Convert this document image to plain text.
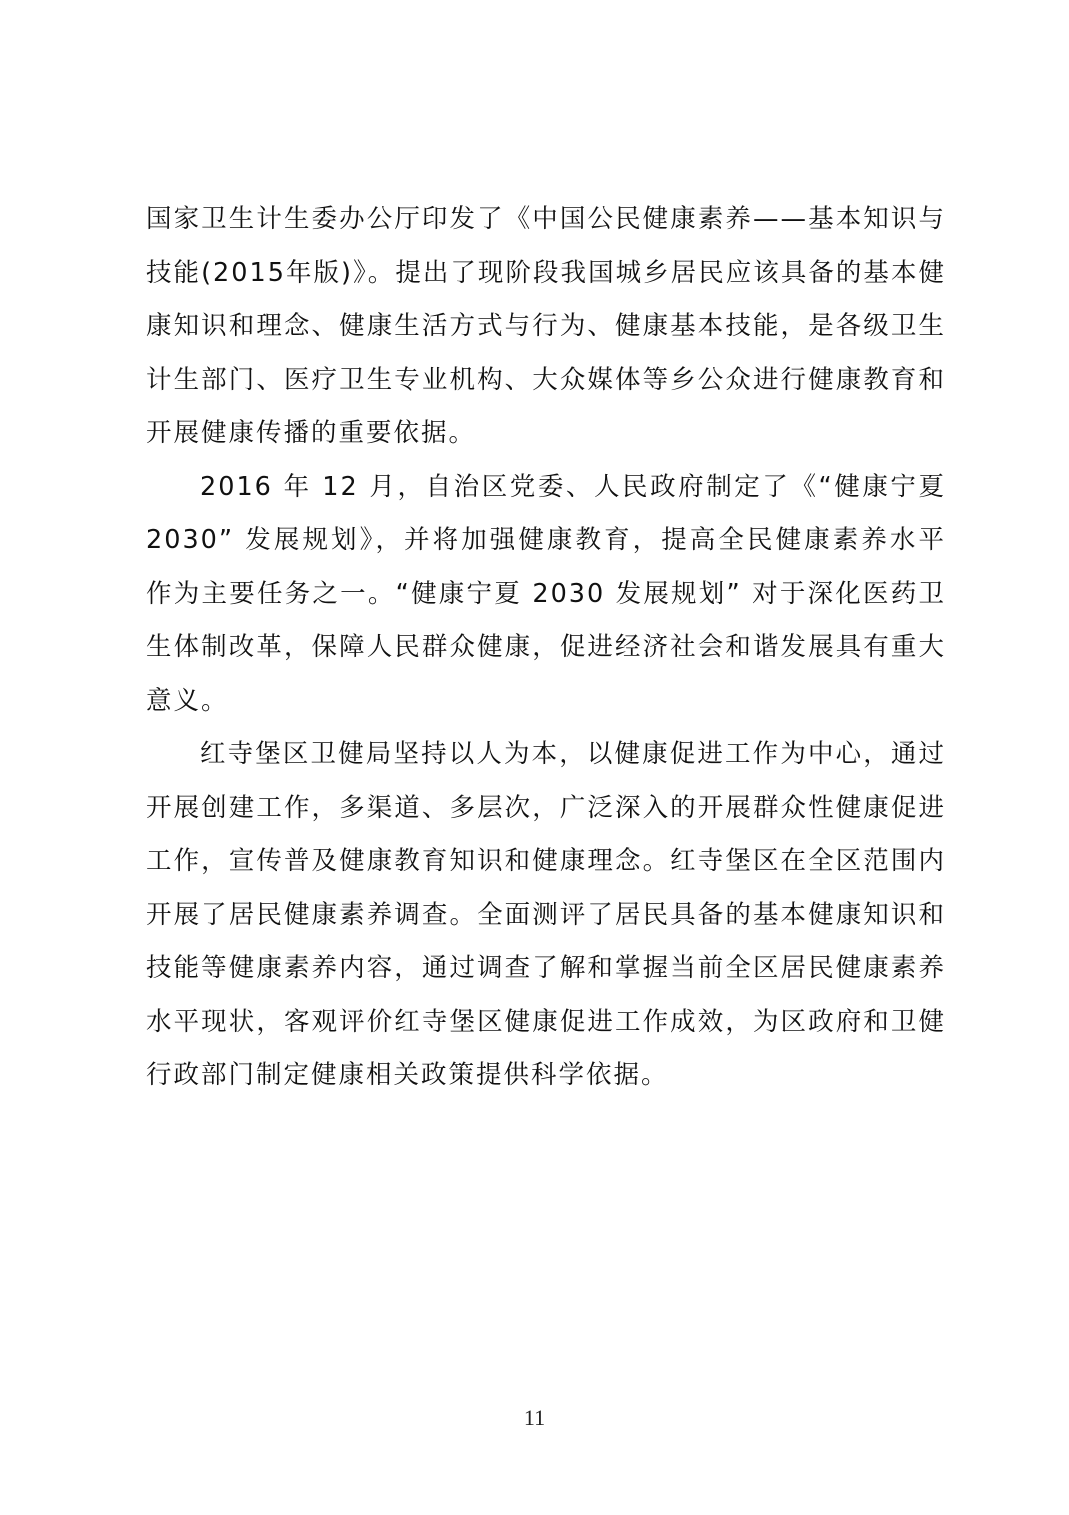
国家卫生计生委办公厅印发了《中国公民健康素养——基本知识与技能(2015年版)》。提出了现阶段我国城乡居民应该具备的基本健康知识和理念、健康生活方式与行为、健康基本技能，是各级卫生计生部门、医疗卫生专业机构、大众媒体等乡公众进行健康教育和开展健康传播的重要依据。

2016 年 12 月，自治区党委、人民政府制定了《“健康宁夏2030” 发展规划》，并将加强健康教育，提高全民健康素养水平作为主要任务之一。“健康宁夏 2030 发展规划” 对于深化医药卫生体制改革，保障人民群众健康，促进经济社会和谐发展具有重大意义。

红寺堡区卫健局坚持以人为本，以健康促进工作为中心，通过开展创建工作，多渠道、多层次，广泛深入的开展群众性健康促进工作，宣传普及健康教育知识和健康理念。红寺堡区在全区范围内开展了居民健康素养调查。全面测评了居民具备的基本健康知识和技能等健康素养内容，通过调查了解和掌握当前全区居民健康素养水平现状，客观评价红寺堡区健康促进工作成效，为区政府和卫健行政部门制定健康相关政策提供科学依据。

11
